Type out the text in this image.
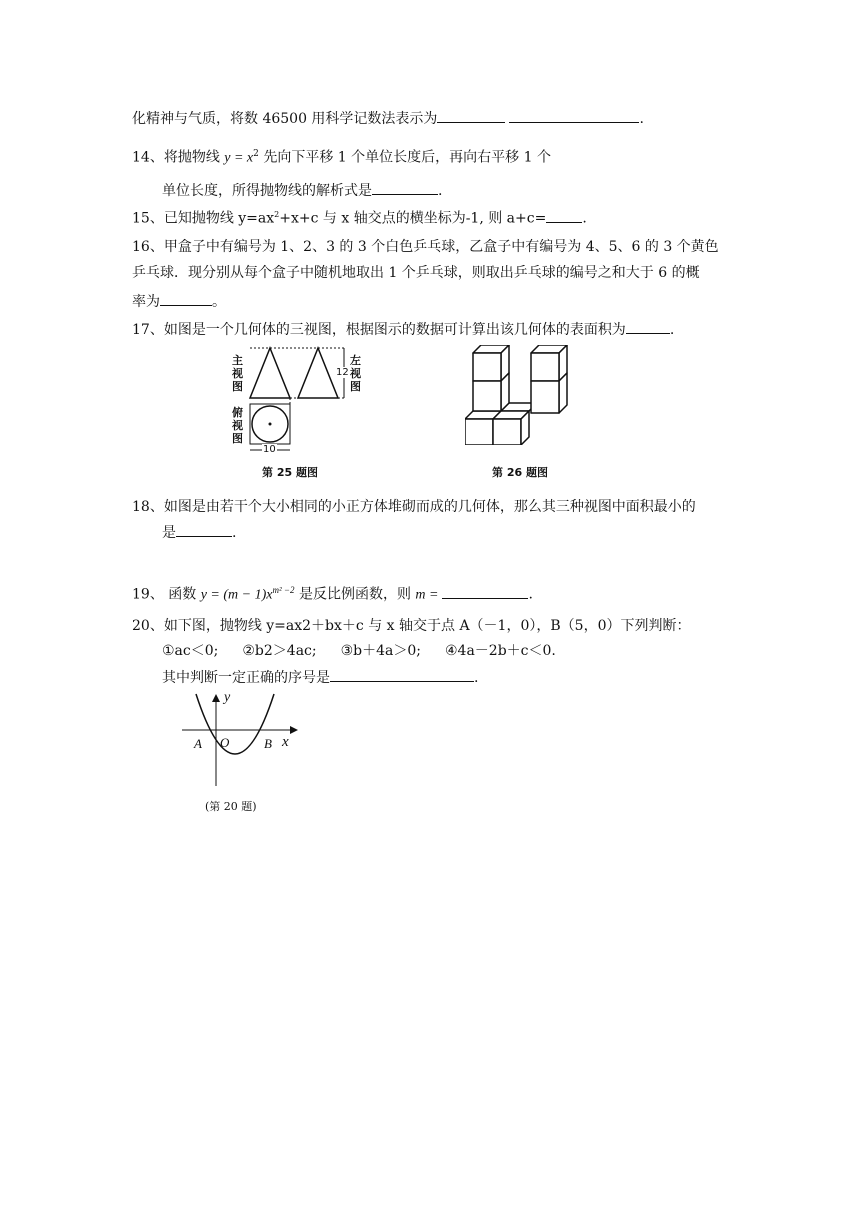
化精神与气质，将数 46500 用科学记数法表示为	.
14、将抛物线 $y = x^2$ 先向下平移 1 个单位长度后，再向右平移 1 个
单位长度，所得抛物线的解析式是	.
15、已知抛物线 $y=ax^2+x+c$ 与 x 轴交点的横坐标为-1, 则 a+c=	.
16、甲盒子中有编号为 1、2、3 的 3 个白色乒乓球，乙盒子中有编号为 4、5、6 的 3 个黄色
乒乓球．现分别从每个盒子中随机地取出 1 个乒乓球，则取出乒乓球的编号之和大于 6 的概
率为	。
17、如图是一个几何体的三视图，根据图示的数据可计算出该几何体的表面积为	.
主
视
图
左
视
图
俯
视
图
12
10
第 25 题图	第 26 题图
18、如图是由若干个大小相同的小正方体堆砌而成的几何体，那么其三种视图中面积最小的
是	.
19、 函数 $y = (m - 1)x^{m^2 -2}$ 是反比例函数，则 m =	.
20、如下图，抛物线 y=ax2＋bx＋c 与 x 轴交于点 A（－1，0），B（5，0）下列判断：
①ac＜0; ②b2＞4ac; ③b＋4a＞0; ④4a－2b＋c＜0.
其中判断一定正确的序号是	.
y
x
A O	B
(第 20 题)
